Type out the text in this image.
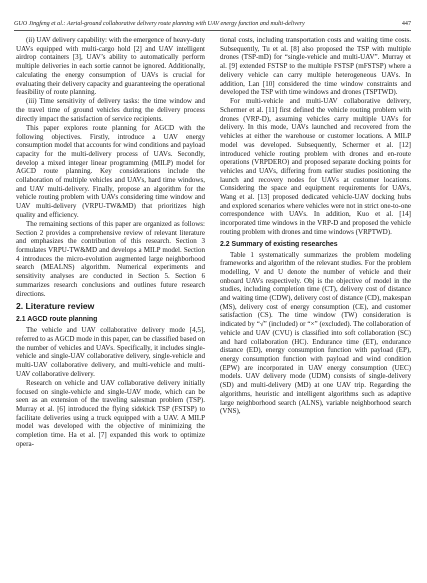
GUO Jingfeng et al.: Aerial-ground collaborative delivery route planning with UAV energy function and multi-delivery	447

(ii) UAV delivery capability: with the emergence of heavy-duty UAVs equipped with multi-cargo hold [2] and UAV intelligent airdrop containers [3], UAV’s ability to automatically perform multiple deliveries in each sortie cannot be ignored. Additionally, calculating the energy consumption of UAVs is crucial for evaluating their delivery capacity and guaranteeing the operational feasibility of route planning.

(iii) Time sensitivity of delivery tasks: the time window and the travel time of ground vehicles during the delivery process directly impact the satisfaction of service recipients.

This paper explores route planning for AGCD with the following objectives. Firstly, introduce a UAV energy consumption model that accounts for wind conditions and payload capacity for the multi-delivery process of UAVs. Secondly, develop a mixed integer linear programming (MILP) model for AGCD route planning. Key considerations include the collaboration of multiple vehicles and UAVs, hard time windows, and UAV multi-delivery. Finally, propose an algorithm for the vehicle routing problem with UAVs considering time window and UAV multi-delivery (VRPU-TW&MD) that prioritizes high quality and efficiency.

The remaining sections of this paper are organized as follows: Section 2 provides a comprehensive review of relevant literature and emphasizes the contribution of this research. Section 3 formulates VRPU-TW&MD and develops a MILP model. Section 4 introduces the micro-evolution augmented large neighborhood search (MEALNS) algorithm. Numerical experiments and sensitivity analyses are conducted in Section 5. Section 6 summarizes research conclusions and outlines future research directions.

2. Literature review
2.1 AGCD route planning

The vehicle and UAV collaborative delivery mode [4,5], referred to as AGCD mode in this paper, can be classified based on the number of vehicles and UAVs. Specifically, it includes single-vehicle and single-UAV collaborative delivery, single-vehicle and multi-UAV collaborative delivery, and multi-vehicle and multi-UAV collaborative delivery.

Research on vehicle and UAV collaborative delivery initially focused on single-vehicle and single-UAV mode, which can be seen as an extension of the traveling salesman problem (TSP). Murray et al. [6] introduced the flying sidekick TSP (FSTSP) to facilitate deliveries using a truck equipped with a UAV. A MILP model was developed with the objective of minimizing the completion time. Ha et al. [7] expanded this work to optimize opera-

tional costs, including transportation costs and waiting time costs. Subsequently, Tu et al. [8] also proposed the TSP with multiple drones (TSP-mD) for “single-vehicle and multi-UAV”. Murray et al. [9] extended FSTSP to the multiple FSTSP (mFSTSP) where a delivery vehicle can carry multiple heterogeneous UAVs. In addition, Lan [10] considered the time window constraints and developed the TSP with time windows and drones (TSPTWD).

For multi-vehicle and multi-UAV collaborative delivery, Schermer et al. [11] first defined the vehicle routing problem with drones (VRP-D), assuming vehicles carry multiple UAVs for delivery. In this mode, UAVs launched and recovered from the vehicles at either the warehouse or customer locations. A MILP model was developed. Subsequently, Schermer et al. [12] introduced vehicle routing problem with drones and en-route operations (VRPDERO) and proposed separate docking points for vehicles and UAVs, differing from earlier studies positioning the launch and recovery nodes for UAVs at customer locations. Considering the space and equipment requirements for UAVs, Wang et al. [13] proposed dedicated vehicle-UAV docking hubs and explored scenarios where vehicles were not in strict one-to-one correspondence with UAVs. In addition, Kuo et al. [14] incorporated time windows in the VRP-D and proposed the vehicle routing problem with drones and time windows (VRPTWD).

2.2 Summary of existing researches

Table 1 systematically summarizes the problem modeling frameworks and algorithm of the relevant studies. For the problem modelling, V and U denote the number of vehicle and their onboard UAVs respectively. Obj is the objective of model in the studies, including completion time (CT), delivery cost of distance and waiting time (CDW), delivery cost of distance (CD), makespan (MS), delivery cost of energy consumption (CE), and customer satisfaction (CS). The time window (TW) consideration is indicated by “√” (included) or “×” (excluded). The collaboration of vehicle and UAV (CVU) is classified into soft collaboration (SC) and hard collaboration (HC). Endurance time (ET), endurance distance (ED), energy consumption function with payload (EP), energy consumption function with payload and wind condition (EPW) are incorporated in UAV energy consumption (UEC) models. UAV delivery mode (UDM) consists of single-delivery (SD) and multi-delivery (MD) at one UAV trip. Regarding the algorithms, heuristic and intelligent algorithms such as adaptive large neighborhood search (ALNS), variable neighborhood search (VNS),
